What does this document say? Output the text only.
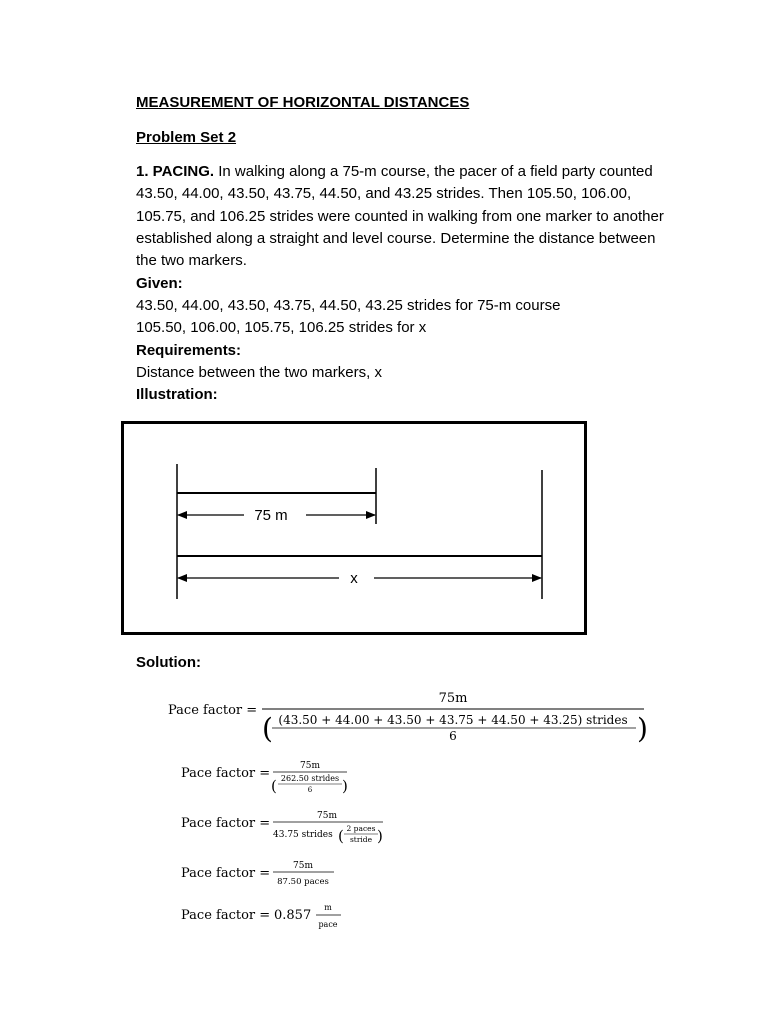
MEASUREMENT OF HORIZONTAL DISTANCES
Problem Set 2
1. PACING. In walking along a 75-m course, the pacer of a field party counted
43.50, 44.00, 43.50, 43.75, 44.50, and 43.25 strides. Then 105.50, 106.00,
105.75, and 106.25 strides were counted in walking from one marker to another
established along a straight and level course. Determine the distance between
the two markers.
Given:
43.50, 44.00, 43.50, 43.75, 44.50, 43.25 strides for 75-m course
105.50, 106.00, 105.75, 106.25 strides for x
Requirements:
Distance between the two markers, x
Illustration:
75 m
x
Solution:
Pace factor =
75m
(	)
(43.50 + 44.00 + 43.50 + 43.75 + 44.50 + 43.25) strides
6
Pace factor =	75m
(	)
262.50 strides
6
Pace factor =	75m
43.75 strides ( )
2 paces
stride
Pace factor =	75m
87.50 paces
Pace factor = 0.857
m
pace
